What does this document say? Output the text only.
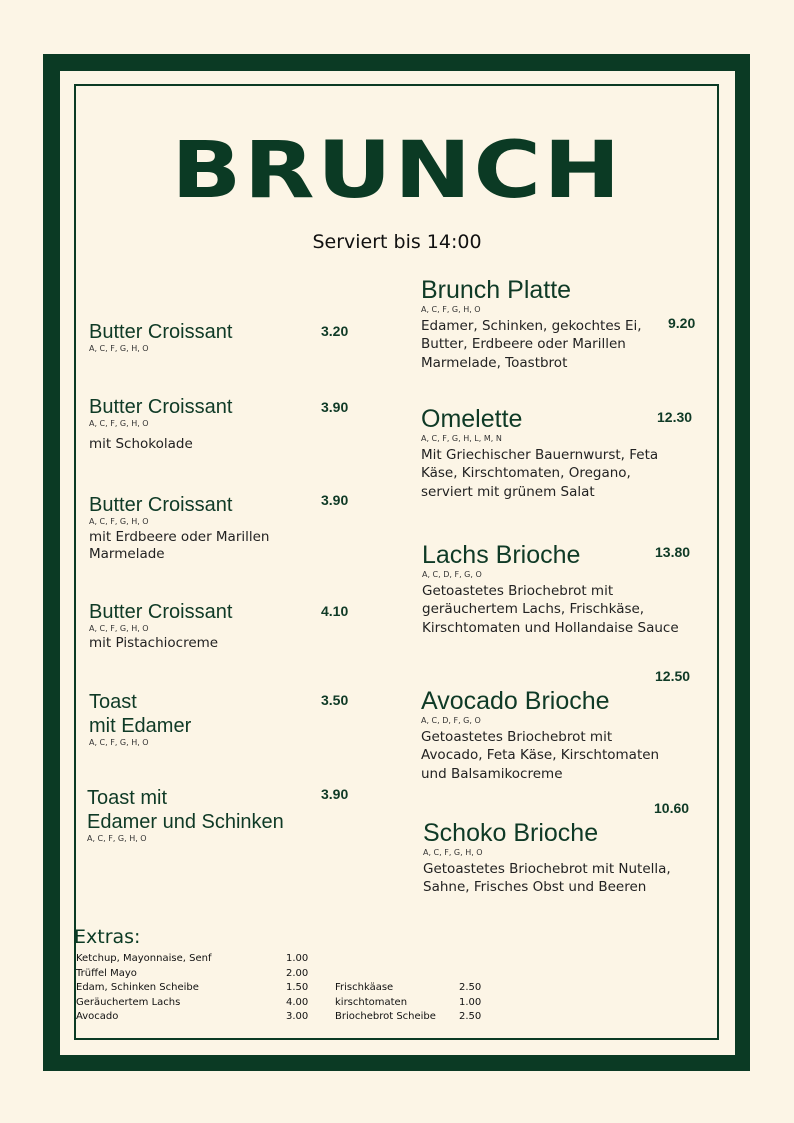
BRUNCH
Serviert bis 14:00
Butter Croissant
A, C, F, G, H, O
3.20
Butter Croissant
A, C, F, G, H, O
mit Schokolade
3.90
Butter Croissant
A, C, F, G, H, O
mit Erdbeere oder Marillen Marmelade
3.90
Butter Croissant
A, C, F, G, H, O
mit Pistachiocreme
4.10
Toast
mit Edamer
A, C, F, G, H, O
3.50
Toast mit
Edamer und Schinken
A, C, F, G, H, O
3.90
Brunch Platte
A, C, F, G, H, O
Edamer, Schinken, gekochtes Ei, Butter, Erdbeere oder Marillen Marmelade, Toastbrot
9.20
Omelette
A, C, F, G, H, L, M, N
Mit Griechischer Bauernwurst, Feta Käse, Kirschtomaten, Oregano, serviert mit grünem Salat
12.30
Lachs Brioche
A, C, D, F, G, O
Getoastetes Briochebrot mit geräuchertem Lachs, Frischkäse, Kirschtomaten und Hollandaise Sauce
13.80
12.50
Avocado Brioche
A, C, D, F, G, O
Getoastetes Briochebrot mit Avocado, Feta Käse, Kirschtomaten und Balsamikocreme
10.60
Schoko Brioche
A, C, F, G, H, O
Getoastetes Briochebrot mit Nutella, Sahne, Frisches Obst und Beeren
Extras:
Ketchup, Mayonnaise, Senf	1.00
Trüffel Mayo	2.00
Edam, Schinken Scheibe	1.50
Geräuchertem Lachs	4.00
Avocado	3.00
Frischkäase	2.50
kirschtomaten	1.00
Briochebrot Scheibe	2.50
